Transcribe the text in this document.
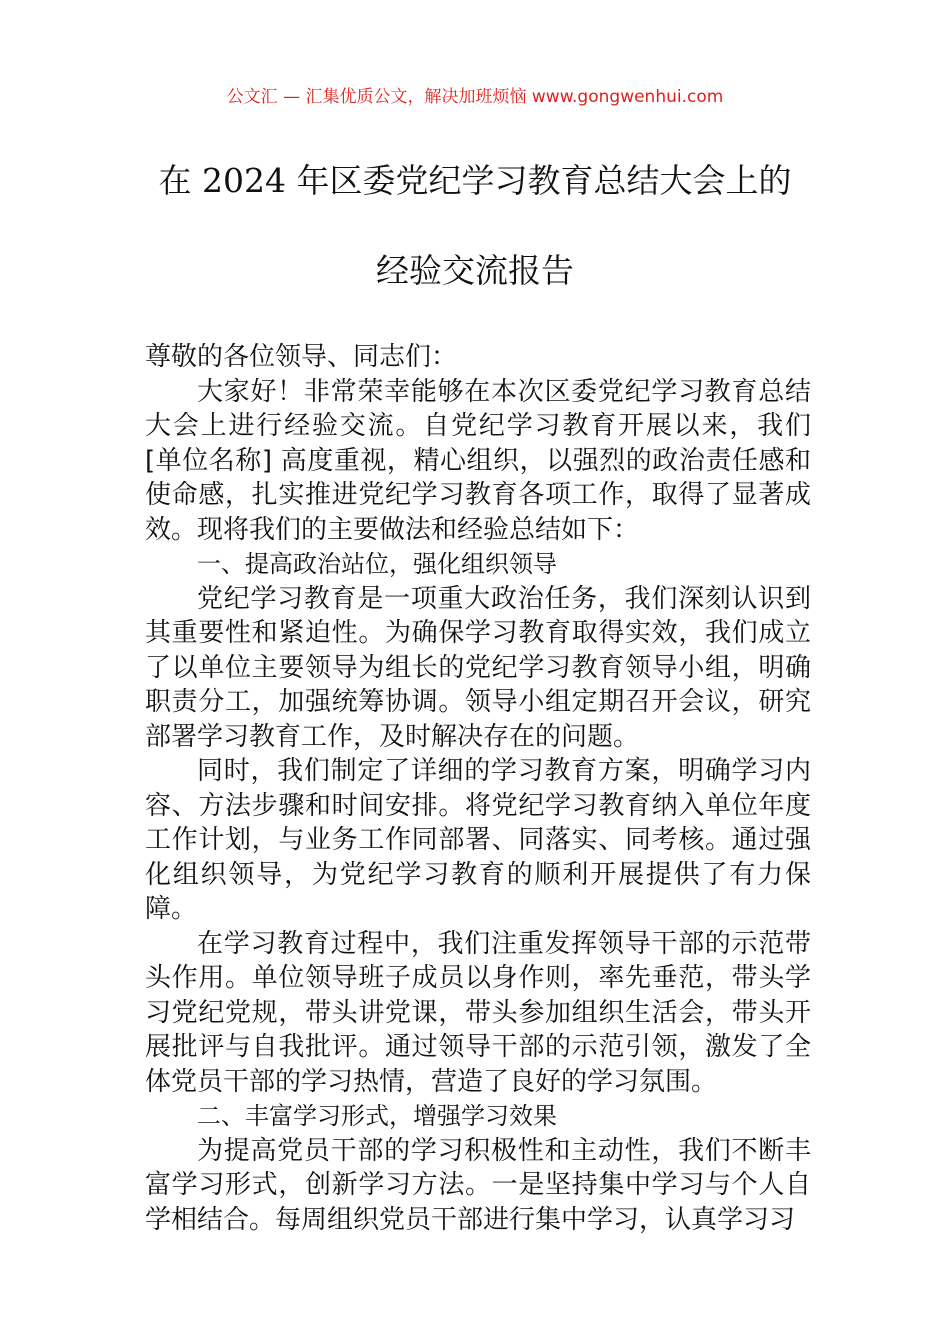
公文汇 — 汇集优质公文，解决加班烦恼 www.gongwenhui.com
在 2024 年区委党纪学习教育总结大会上的
经验交流报告

尊敬的各位领导、同志们：

大家好！非常荣幸能够在本次区委党纪学习教育总结大会上进行经验交流。自党纪学习教育开展以来，我们 [单位名称] 高度重视，精心组织，以强烈的政治责任感和使命感，扎实推进党纪学习教育各项工作，取得了显著成效。现将我们的主要做法和经验总结如下：

一、提高政治站位，强化组织领导

党纪学习教育是一项重大政治任务，我们深刻认识到其重要性和紧迫性。为确保学习教育取得实效，我们成立了以单位主要领导为组长的党纪学习教育领导小组，明确职责分工，加强统筹协调。领导小组定期召开会议，研究部署学习教育工作，及时解决存在的问题。

同时，我们制定了详细的学习教育方案，明确学习内容、方法步骤和时间安排。将党纪学习教育纳入单位年度工作计划，与业务工作同部署、同落实、同考核。通过强化组织领导，为党纪学习教育的顺利开展提供了有力保障。

在学习教育过程中，我们注重发挥领导干部的示范带头作用。单位领导班子成员以身作则，率先垂范，带头学习党纪党规，带头讲党课，带头参加组织生活会，带头开展批评与自我批评。通过领导干部的示范引领，激发了全体党员干部的学习热情，营造了良好的学习氛围。

二、丰富学习形式，增强学习效果

为提高党员干部的学习积极性和主动性，我们不断丰富学习形式，创新学习方法。一是坚持集中学习与个人自学相结合。每周组织党员干部进行集中学习，认真学习习
